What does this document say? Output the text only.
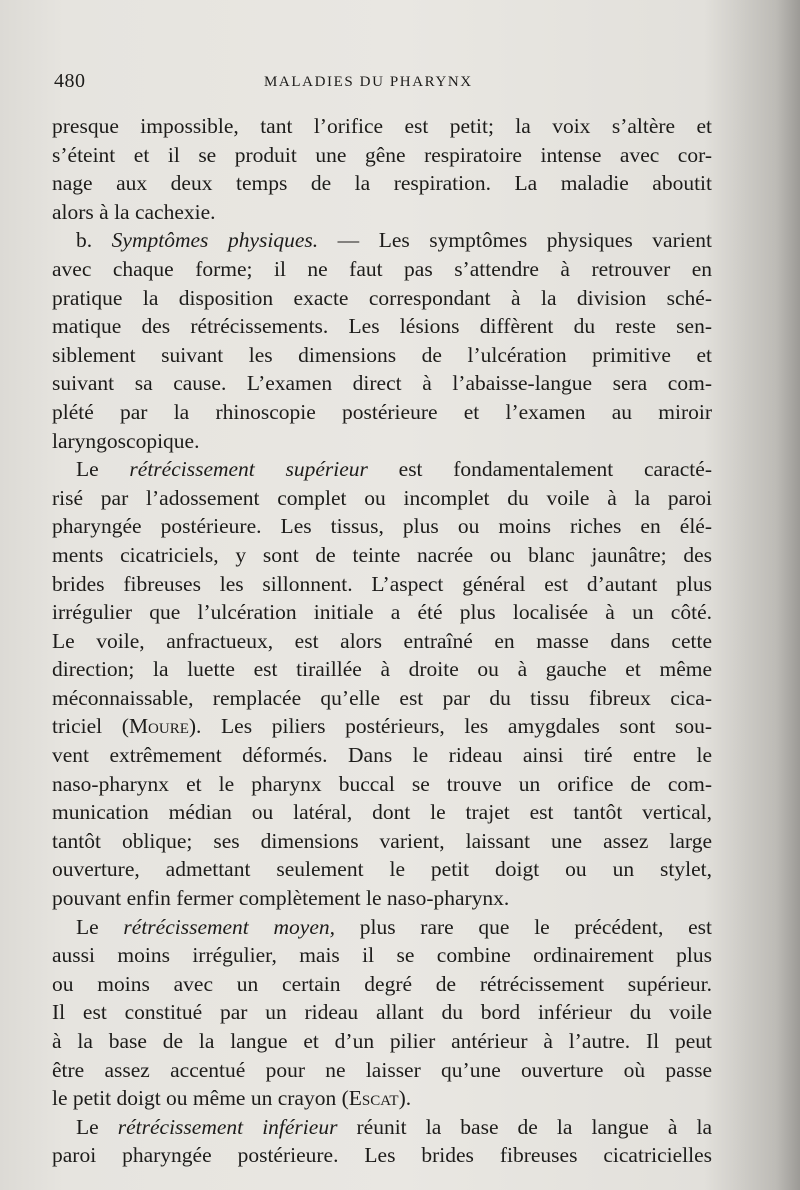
480	MALADIES DU PHARYNX
presque impossible, tant l’orifice est petit; la voix s’altère et
s’éteint et il se produit une gêne respiratoire intense avec cor-
nage aux deux temps de la respiration. La maladie aboutit
alors à la cachexie.
b. Symptômes physiques. — Les symptômes physiques varient
avec chaque forme; il ne faut pas s’attendre à retrouver en
pratique la disposition exacte correspondant à la division sché-
matique des rétrécissements. Les lésions diffèrent du reste sen-
siblement suivant les dimensions de l’ulcération primitive et
suivant sa cause. L’examen direct à l’abaisse-langue sera com-
plété par la rhinoscopie postérieure et l’examen au miroir
laryngoscopique.
Le rétrécissement supérieur est fondamentalement caracté-
risé par l’adossement complet ou incomplet du voile à la paroi
pharyngée postérieure. Les tissus, plus ou moins riches en élé-
ments cicatriciels, y sont de teinte nacrée ou blanc jaunâtre; des
brides fibreuses les sillonnent. L’aspect général est d’autant plus
irrégulier que l’ulcération initiale a été plus localisée à un côté.
Le voile, anfractueux, est alors entraîné en masse dans cette
direction; la luette est tiraillée à droite ou à gauche et même
méconnaissable, remplacée qu’elle est par du tissu fibreux cica-
triciel (Moure). Les piliers postérieurs, les amygdales sont sou-
vent extrêmement déformés. Dans le rideau ainsi tiré entre le
naso-pharynx et le pharynx buccal se trouve un orifice de com-
munication médian ou latéral, dont le trajet est tantôt vertical,
tantôt oblique; ses dimensions varient, laissant une assez large
ouverture, admettant seulement le petit doigt ou un stylet,
pouvant enfin fermer complètement le naso-pharynx.
Le rétrécissement moyen, plus rare que le précédent, est
aussi moins irrégulier, mais il se combine ordinairement plus
ou moins avec un certain degré de rétrécissement supérieur.
Il est constitué par un rideau allant du bord inférieur du voile
à la base de la langue et d’un pilier antérieur à l’autre. Il peut
être assez accentué pour ne laisser qu’une ouverture où passe
le petit doigt ou même un crayon (Escat).
Le rétrécissement inférieur réunit la base de la langue à la
paroi pharyngée postérieure. Les brides fibreuses cicatricielles
